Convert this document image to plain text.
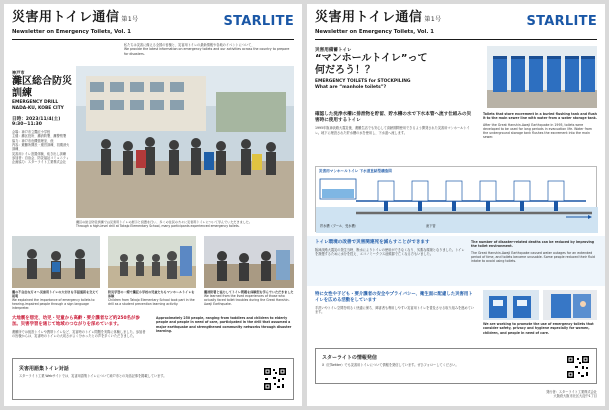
災害用トイレ通信 第1号
Newsletter on Emergency Toilets, Vol. 1
STARLITE
私たちは災害に備える全国の皆様と、災害用トイレの最新情報や各地のイベントについて、
We provide the latest information on emergency toilets and our activities across the country to prepare for disasters.
神戸市
灘区総合防災
訓練
EMERGENCY DRILL
NADA-KU, KOBE CITY
日時：2023/11/4(土)
9:30~11:30
会場：神戸市立鷹匠小学校
主催：灘区役所、灘消防署、灘警察署
協力：神戸市危機管理室、他
内容：避難所開設・運営訓練、初期消火訓練、
災害用トイレ設置体験、炊き出し訓練
参加者：自治会、防災福祉コミュニティ
企画協力：スターライト工業株式会社
灘区の総合防災訓練では災害用トイレの展示と設置を行い、多くの住民の方々に災害用トイレについて学んでいただきました。
Through a high-level drill at Takajo Elementary School, many participants experienced emergency toilets.
灘の不自由な方々へ災害用トイレの大切さを手話通訳を交えて説明
We explained the importance of emergency toilets to hearing-impaired people through a sign language interpreter.
防災学習の一環で鷹匠小学校の児童たちもマンホールトイレを体験
Children from Takajo Elementary School took part in the drill as a student prevention learning activity.
灘消防署と協力してトイレ問題を体験型を学んでいただきました
We learned from the lived experiences of those who actually faced toilet troubles during the Great Hanshin-Awaji Earthquake.
大地震を想定、幼児・児童から高齢・要介護者など約250名が参加。災害学習を通じて地域のつながりを深めています。
避難所では仮設トイレや携帯トイレなど、災害時のトイレ問題を実際に体験しました。参加者の皆様からは、災害時のトイレの大切さがよく分かったとの声を多くいただきました。
Approximately 250 people, ranging from toddlers and children to elderly people and people in need of care, participated in the drill that assumed a major earthquake and strengthened community networks through disaster learning.
災害用語集トイレ対話
スターライト工業 Webサイトでは、災害用語集トイレについて神戸市との対話記事を掲載しています。
災害用トイレ通信 第1号
Newsletter on Emergency Toilets, Vol. 1
STARLITE
災害用備蓄トイレ
“マンホールトイレ”って
何だろう！？
EMERGENCY TOILETS for STOCKPILING
What are “manhole toilets”?
確認した洗浄水槽に排泄物を貯留、貯水槽の水で下水本管へ流す仕組みの災害時に使用するトイレ
1995年阪神淡路大震災後、避難生活でも安心して高齢期間使用できるよう開発された災害用マンホールトイレ。地下に埋設された貯水槽の水を使用し、下水道へ流します。
Toilets that store excrement in a buried flushing tank and flush it to the main sewer line with water from a water storage tank.
After the Great Hanshin-Awaji Earthquake in 1995, toilets were developed to be used for long periods in evacuation life. Water from the underground storage tank flushes the excrement into the main sewer.
災害用マンホールトイレ 下水道直結型構造図
貯水槽（プール、受水槽）	流下管
トイレ環境の改善で災害関連死を減らすことができます
阪神淡路大震災の発生当時、断水によりトイレの使用ができなくなり、劣悪な環境となりました。トイレを我慢するために水分を控え、エコノミークラス症候群で亡くなる方もいました。
The number of disaster-related deaths can be reduced by improving the toilet environment.
The Great Hanshin-Awaji Earthquake caused water outages for an extended period of time, and toilets became unusable. Some people reduced their fluid intake to avoid using toilets.
特に女性や子ども・要介護者の安全やプライバシー、衛生面に配慮した災害用トイレを広める活動をしています
手洗いやトイレ空間を明るく快適に保ち、障害者も利用しやすい災害用トイレを普及させる取り組みを進めています。
We are working to promote the use of emergency toilets that consider safety, privacy and hygiene especially for women, children, and people in need of care.
スターライトの情報発信
X（旧Twitter）でも災害用トイレについて情報を発信しています。ぜひフォローしてください。
発行者：スターライト工業株式会社
大阪府大阪市北区大淀中1丁目
